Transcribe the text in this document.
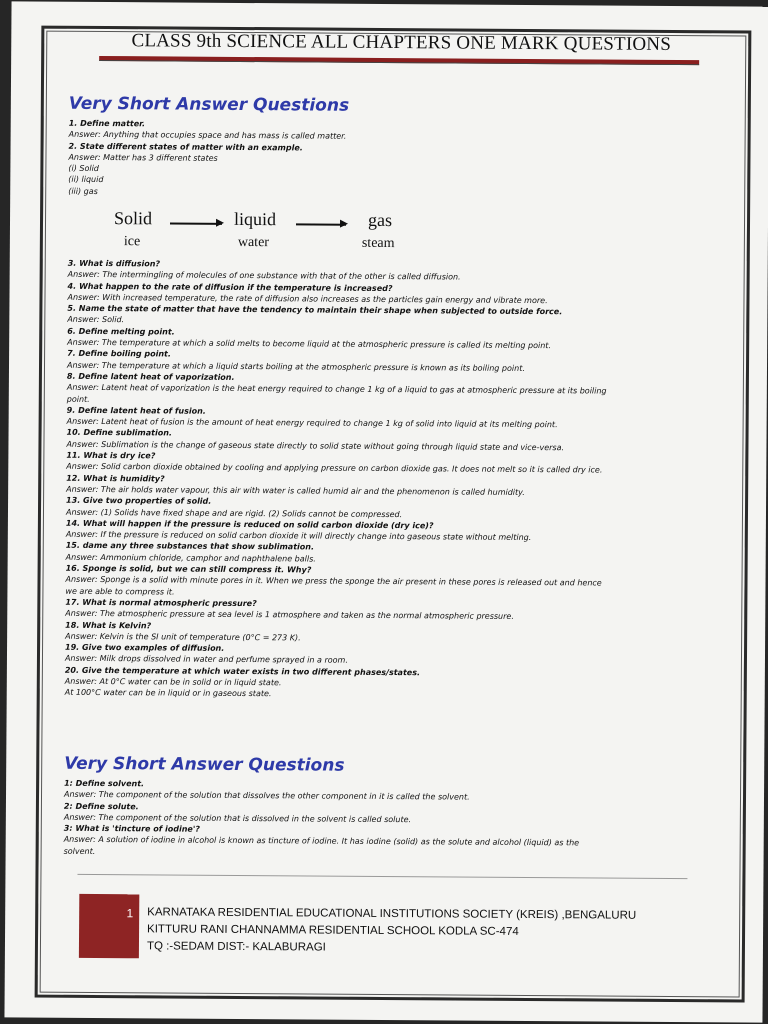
CLASS 9th SCIENCE ALL CHAPTERS ONE MARK QUESTIONS
Very Short Answer Questions
1. Define matter.
Answer: Anything that occupies space and has mass is called matter.
2. State different states of matter with an example.
Answer: Matter has 3 different states
(i) Solid
(ii) liquid
(iii) gas
Solid	liquid	gas
ice	water	steam
3. What is diffusion?
Answer: The intermingling of molecules of one substance with that of the other is called diffusion.
4. What happen to the rate of diffusion if the temperature is increased?
Answer: With increased temperature, the rate of diffusion also increases as the particles gain energy and vibrate more.
5. Name the state of matter that have the tendency to maintain their shape when subjected to outside force.
Answer: Solid.
6. Define melting point.
Answer: The temperature at which a solid melts to become liquid at the atmospheric pressure is called its melting point.
7. Define boiling point.
Answer: The temperature at which a liquid starts boiling at the atmospheric pressure is known as its boiling point.
8. Define latent heat of vaporization.
Answer: Latent heat of vaporization is the heat energy required to change 1 kg of a liquid to gas at atmospheric pressure at its boiling
point.
9. Define latent heat of fusion.
Answer: Latent heat of fusion is the amount of heat energy required to change 1 kg of solid into liquid at its melting point.
10. Define sublimation.
Answer: Sublimation is the change of gaseous state directly to solid state without going through liquid state and vice-versa.
11. What is dry ice?
Answer: Solid carbon dioxide obtained by cooling and applying pressure on carbon dioxide gas. It does not melt so it is called dry ice.
12. What is humidity?
Answer: The air holds water vapour, this air with water is called humid air and the phenomenon is called humidity.
13. Give two properties of solid.
Answer: (1) Solids have fixed shape and are rigid. (2) Solids cannot be compressed.
14. What will happen if the pressure is reduced on solid carbon dioxide (dry ice)?
Answer: If the pressure is reduced on solid carbon dioxide it will directly change into gaseous state without melting.
15. dame any three substances that show sublimation.
Answer: Ammonium chloride, camphor and naphthalene balls.
16. Sponge is solid, but we can still compress it. Why?
Answer: Sponge is a solid with minute pores in it. When we press the sponge the air present in these pores is released out and hence
we are able to compress it.
17. What is normal atmospheric pressure?
Answer: The atmospheric pressure at sea level is 1 atmosphere and taken as the normal atmospheric pressure.
18. What is Kelvin?
Answer: Kelvin is the SI unit of temperature (0°C = 273 K).
19. Give two examples of diffusion.
Answer: Milk drops dissolved in water and perfume sprayed in a room.
20. Give the temperature at which water exists in two different phases/states.
Answer: At 0°C water can be in solid or in liquid state.
At 100°C water can be in liquid or in gaseous state.
Very Short Answer Questions
1: Define solvent.
Answer: The component of the solution that dissolves the other component in it is called the solvent.
2: Define solute.
Answer: The component of the solution that is dissolved in the solvent is called solute.
3: What is 'tincture of iodine'?
Answer: A solution of iodine in alcohol is known as tincture of iodine. It has iodine (solid) as the solute and alcohol (liquid) as the
solvent.
1 KARNATAKA RESIDENTIAL EDUCATIONAL INSTITUTIONS SOCIETY (KREIS) ,BENGALURU
KITTURU RANI CHANNAMMA RESIDENTIAL SCHOOL KODLA SC-474
TQ :-SEDAM DIST:- KALABURAGI
